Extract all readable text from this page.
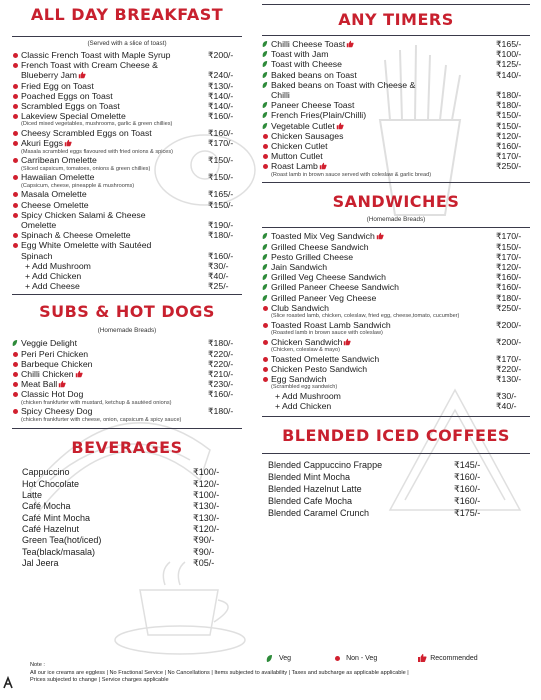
ALL DAY BREAKFAST
(Served with a slice of toast)
Classic French Toast with Maple Syrup	₹200/-
French Toast with Cream Cheese &
Blueberry Jam	₹240/-
Fried Egg on Toast	₹130/-
Poached Eggs on Toast	₹140/-
Scrambled Eggs on Toast	₹140/-
Lakeview Special Omelette
(Diced mixed vegetables, mushrooms, garlic & green chillies)
₹160/-
Cheesy Scrambled Eggs on Toast	₹160/-
Akuri Eggs
(Masala scrambled eggs flavoured with fried onions & spices)
₹170/-
Carribean Omelette
(Sliced capsicum, tomatoes, onions & green chillies)
₹150/-
Hawaiian Omelette
(Capsicum, cheese, pineapple & mushrooms)
₹150/-
Masala Omelette	₹165/-
Cheese Omelette	₹150/-
Spicy Chicken Salami & Cheese
Omelette	₹190/-
Spinach & Cheese Omelette	₹180/-
Egg White Omelette with Sautéed
Spinach	₹160/-
+ Add Mushroom	₹30/-
+ Add Chicken	₹40/-
+ Add Cheese	₹25/-
SUBS & HOT DOGS
(Homemade Breads)
Veggie Delight	₹180/-
Peri Peri Chicken	₹220/-
Barbeque Chicken	₹220/-
Chilli Chicken	₹210/-
Meat Ball	₹230/-
Classic Hot Dog
(chicken frankfurter with mustard, ketchup & sautéed onions)
₹160/-
Spicy Cheesy Dog
(chicken frankfurter with cheese, onion, capsicum & spicy sauce)
₹180/-
BEVERAGES
Cappuccino	₹100/-
Hot Chocolate	₹120/-
Latte	₹100/-
Café Mocha	₹130/-
Café Mint Mocha	₹130/-
Café Hazelnut	₹120/-
Green Tea(hot/iced)	₹90/-
Tea(black/masala)	₹90/-
Jal Jeera	₹05/-
ANY TIMERS
Chilli Cheese Toast	₹165/-
Toast with Jam	₹100/-
Toast with Cheese	₹125/-
Baked beans on Toast	₹140/-
Baked beans on Toast with Cheese &
Chilli	₹180/-
Paneer Cheese Toast	₹180/-
French Fries(Plain/Chilli)	₹150/-
Vegetable Cutlet	₹150/-
Chicken Sausages	₹120/-
Chicken Cutlet	₹160/-
Mutton Cutlet	₹170/-
Roast Lamb
(Roast lamb in brown sauce served with coleslaw & garlic bread)
₹250/-
SANDWICHES
(Homemade Breads)
Toasted Mix Veg Sandwich	₹170/-
Grilled Cheese Sandwich	₹150/-
Pesto Grilled Cheese	₹170/-
Jain Sandwich	₹120/-
Grilled Veg Cheese Sandwich	₹160/-
Grilled Paneer Cheese Sandwich	₹160/-
Grilled Paneer Veg Cheese	₹180/-
Club Sandwich
(Slice roasted lamb, chicken, coleslaw, fried egg, cheese,tomato, cucumber)
₹250/-
Toasted Roast Lamb Sandwich
(Roasted lamb in brown sauce with coleslaw)
₹200/-
Chicken Sandwich
(Chicken, coleslaw & mayo)
₹200/-
Toasted Omelette Sandwich	₹170/-
Chicken Pesto Sandwich	₹220/-
Egg Sandwich
(Scrambled egg sandwich)
₹130/-
+ Add Mushroom	₹30/-
+ Add Chicken	₹40/-
BLENDED ICED COFFEES
Blended Cappuccino Frappe	₹145/-
Blended Mint Mocha	₹160/-
Blended Hazelnut Latte	₹160/-
Blended Cafe Mocha	₹160/-
Blended Caramel Crunch	₹175/-
Veg	Non - Veg	Recommended
Note :
All our ice creams are eggless | No Fractional Service | No Cancellations | Items subjected to availability | Taxes and subcharge as applicable applicable |
Prices subjected to change | Service charges applicable
